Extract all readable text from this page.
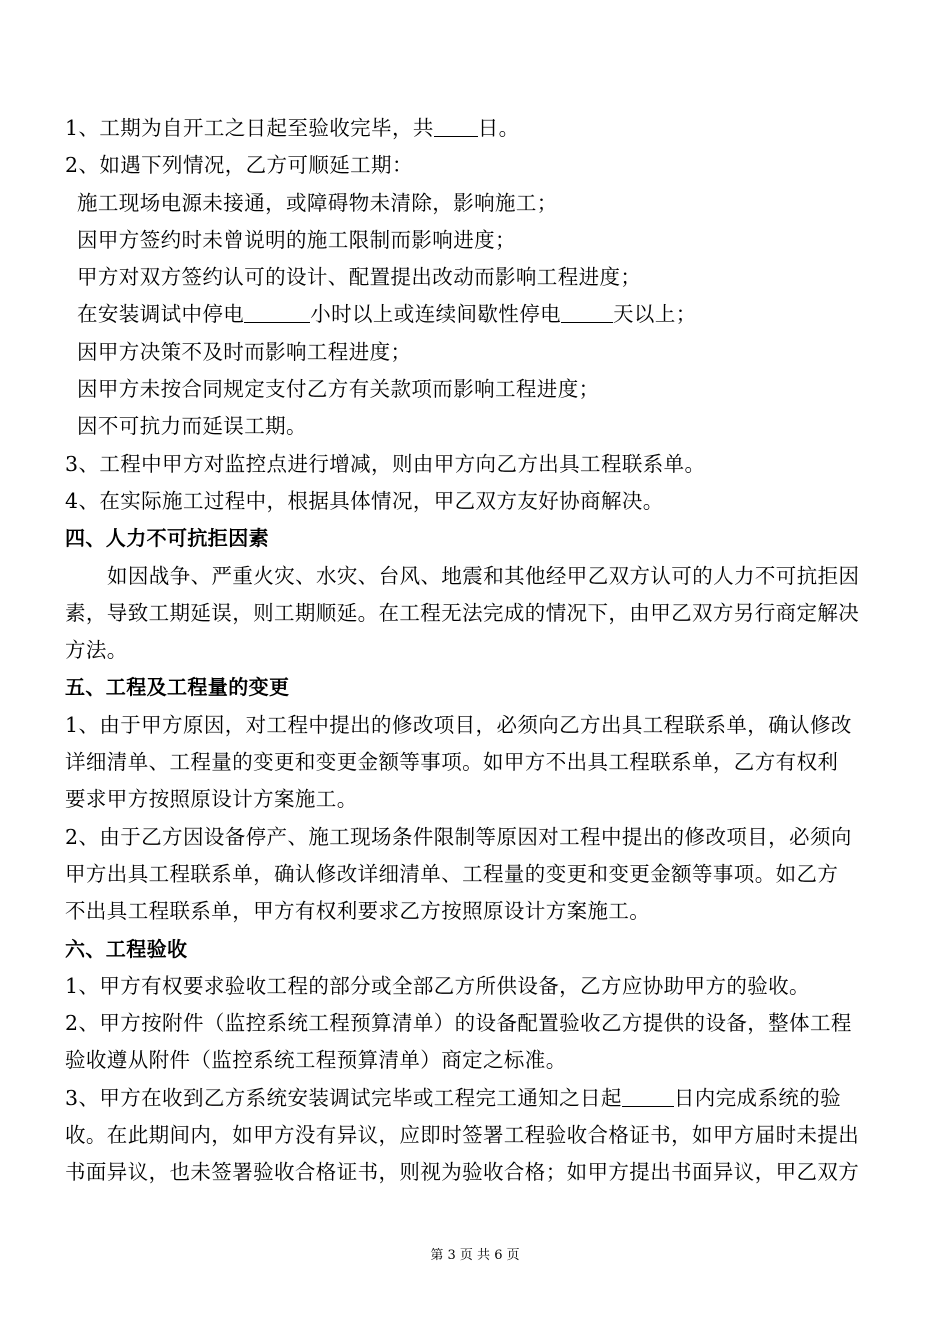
1、工期为自开工之日起至验收完毕，共 日。
2、如遇下列情况，乙方可顺延工期：
施工现场电源未接通，或障碍物未清除，影响施工；
因甲方签约时未曾说明的施工限制而影响进度；
甲方对双方签约认可的设计、配置提出改动而影响工程进度；
在安装调试中停电	小时以上或连续间歇性停电	天以上；
因甲方决策不及时而影响工程进度；
因甲方未按合同规定支付乙方有关款项而影响工程进度；
因不可抗力而延误工期。
3、工程中甲方对监控点进行增减，则由甲方向乙方出具工程联系单。
4、在实际施工过程中，根据具体情况，甲乙双方友好协商解决。
四、人力不可抗拒因素
如因战争、严重火灾、水灾、台风、地震和其他经甲乙双方认可的人力不可抗拒因
素，导致工期延误，则工期顺延。在工程无法完成的情况下，由甲乙双方另行商定解决
方法。
五、工程及工程量的变更
1、由于甲方原因，对工程中提出的修改项目，必须向乙方出具工程联系单，确认修改
详细清单、工程量的变更和变更金额等事项。如甲方不出具工程联系单，乙方有权利
要求甲方按照原设计方案施工。
2、由于乙方因设备停产、施工现场条件限制等原因对工程中提出的修改项目，必须向
甲方出具工程联系单，确认修改详细清单、工程量的变更和变更金额等事项。如乙方
不出具工程联系单，甲方有权利要求乙方按照原设计方案施工。
六、工程验收
1、甲方有权要求验收工程的部分或全部乙方所供设备，乙方应协助甲方的验收。
2、甲方按附件（监控系统工程预算清单）的设备配置验收乙方提供的设备，整体工程
验收遵从附件（监控系统工程预算清单）商定之标准。
3、甲方在收到乙方系统安装调试完毕或工程完工通知之日起	日内完成系统的验
收。在此期间内，如甲方没有异议，应即时签署工程验收合格证书，如甲方届时未提出
书面异议，也未签署验收合格证书，则视为验收合格；如甲方提出书面异议，甲乙双方
第 3 页 共 6 页
